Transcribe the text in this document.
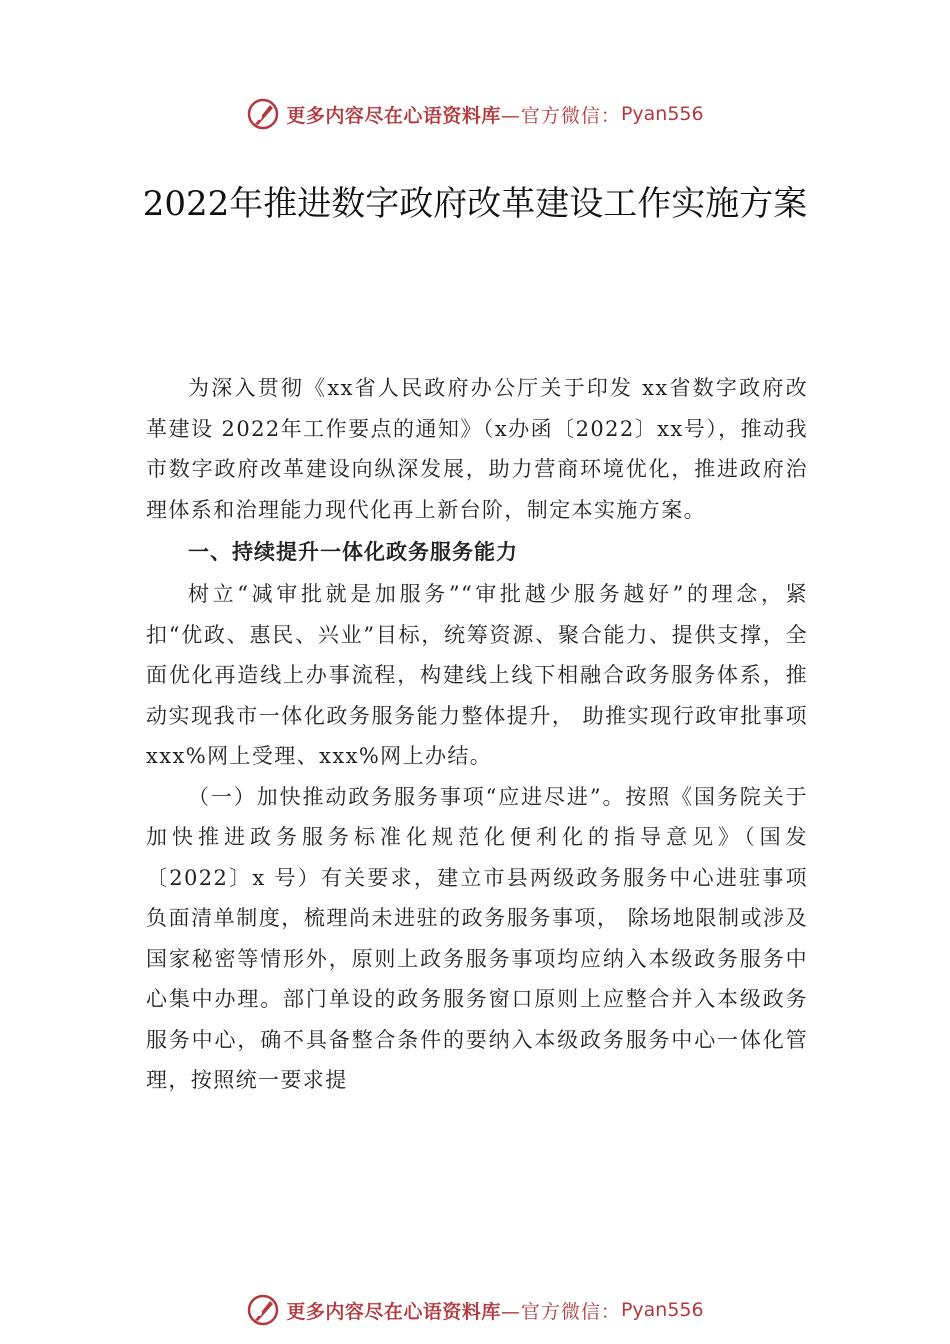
更多内容尽在心语资料库 —官方微信： Pyan556
2022年推进数字政府改革建设工作实施方案

为深入贯彻《xx省人民政府办公厅关于印发 xx省数字政府改革建设 2022年工作要点的通知》（x办函〔2022〕xx号），推动我市数字政府改革建设向纵深发展，助力营商环境优化，推进政府治理体系和治理能力现代化再上新台阶，制定本实施方案。

一、持续提升一体化政务服务能力

树立“减审批就是加服务”“审批越少服务越好”的理念，紧扣“优政、惠民、兴业”目标，统筹资源、聚合能力、提供支撑，全面优化再造线上办事流程，构建线上线下相融合政务服务体系，推动实现我市一体化政务服务能力整体提升， 助推实现行政审批事项 xxx%网上受理、xxx%网上办结。

（一）加快推动政务服务事项“应进尽进”。按照《国务院关于加快推进政务服务标准化规范化便利化的指导意见》（国发〔2022〕x 号）有关要求，建立市县两级政务服务中心进驻事项负面清单制度，梳理尚未进驻的政务服务事项， 除场地限制或涉及国家秘密等情形外，原则上政务服务事项均应纳入本级政务服务中心集中办理。部门单设的政务服务窗口原则上应整合并入本级政务服务中心，确不具备整合条件的要纳入本级政务服务中心一体化管理，按照统一要求提

更多内容尽在心语资料库 —官方微信： Pyan556
